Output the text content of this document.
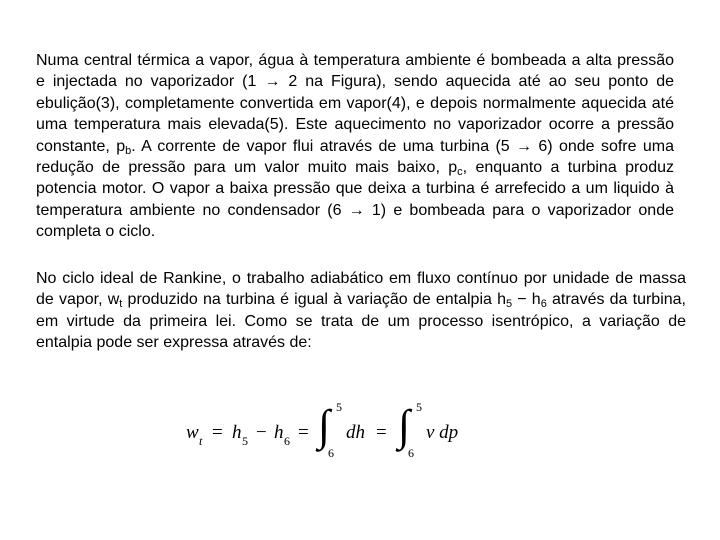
Numa central térmica a vapor, água à temperatura ambiente é bombeada a alta pressão e injectada no vaporizador (1 → 2 na Figura), sendo aquecida até ao seu ponto de ebulição(3), completamente convertida em vapor(4), e depois normalmente aquecida até uma temperatura mais elevada(5). Este aquecimento no vaporizador ocorre a pressão constante, $p_b$. A corrente de vapor flui através de uma turbina (5 → 6) onde sofre uma redução de pressão para um valor muito mais baixo, $p_c$, enquanto a turbina produz potencia motor. O vapor a baixa pressão que deixa a turbina é arrefecido a um liquido à temperatura ambiente no condensador (6 → 1) e bombeada para o vaporizador onde completa o ciclo.

No ciclo ideal de Rankine, o trabalho adiabático em fluxo contínuo por unidade de massa de vapor, $w_t$ produzido na turbina é igual à variação de entalpia $h_5 - h_6$ através da turbina, em virtude da primeira lei. Como se trata de um processo isentrópico, a variação de entalpia pode ser expressa através de:

w t = h 5 − h 6 = ∫ 5
6
dh = ∫ 5
6
v dp
